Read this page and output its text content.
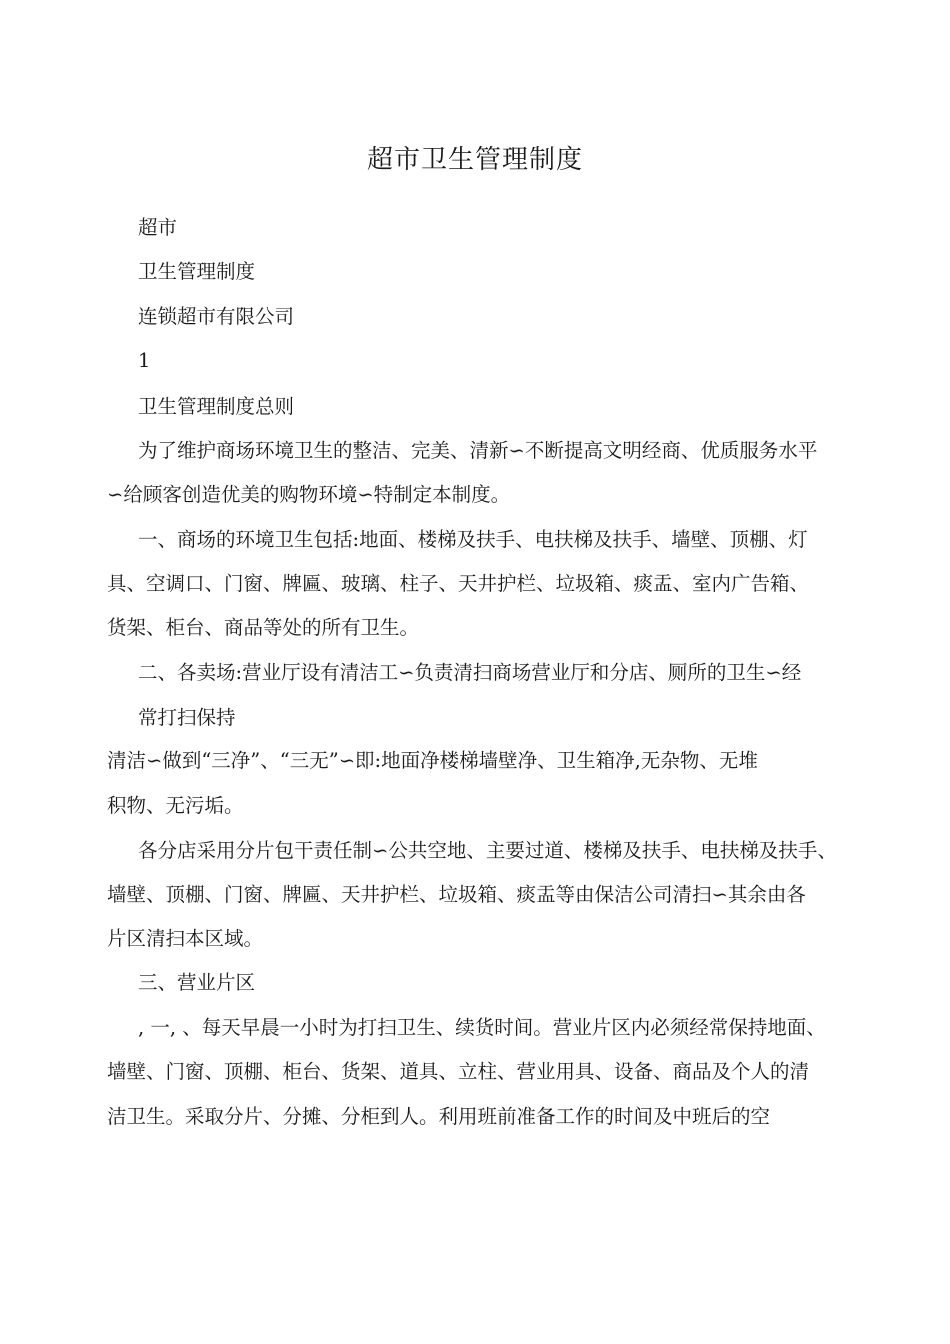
超市卫生管理制度
超市
卫生管理制度
连锁超市有限公司
1
卫生管理制度总则
为了维护商场环境卫生的整洁、完美、清新∽不断提高文明经商、优质服务水平
∽给顾客创造优美的购物环境∽特制定本制度。
一、商场的环境卫生包括:地面、楼梯及扶手、电扶梯及扶手、墙壁、顶棚、灯
具、空调口、门窗、牌匾、玻璃、柱子、天井护栏、垃圾箱、痰盂、室内广告箱、
货架、柜台、商品等处的所有卫生。
二、各卖场:营业厅设有清洁工∽负责清扫商场营业厅和分店、厕所的卫生∽经
常打扫保持
清洁∽做到“三净”、“三无”∽即:地面净楼梯墙壁净、卫生箱净,无杂物、无堆
积物、无污垢。
各分店采用分片包干责任制∽公共空地、主要过道、楼梯及扶手、电扶梯及扶手、
墙壁、顶棚、门窗、牌匾、天井护栏、垃圾箱、痰盂等由保洁公司清扫∽其余由各
片区清扫本区域。
三、营业片区
, 一, 、每天早晨一小时为打扫卫生、续货时间。营业片区内必须经常保持地面、
墙壁、门窗、顶棚、柜台、货架、道具、立柱、营业用具、设备、商品及个人的清
洁卫生。采取分片、分摊、分柜到人。利用班前准备工作的时间及中班后的空
